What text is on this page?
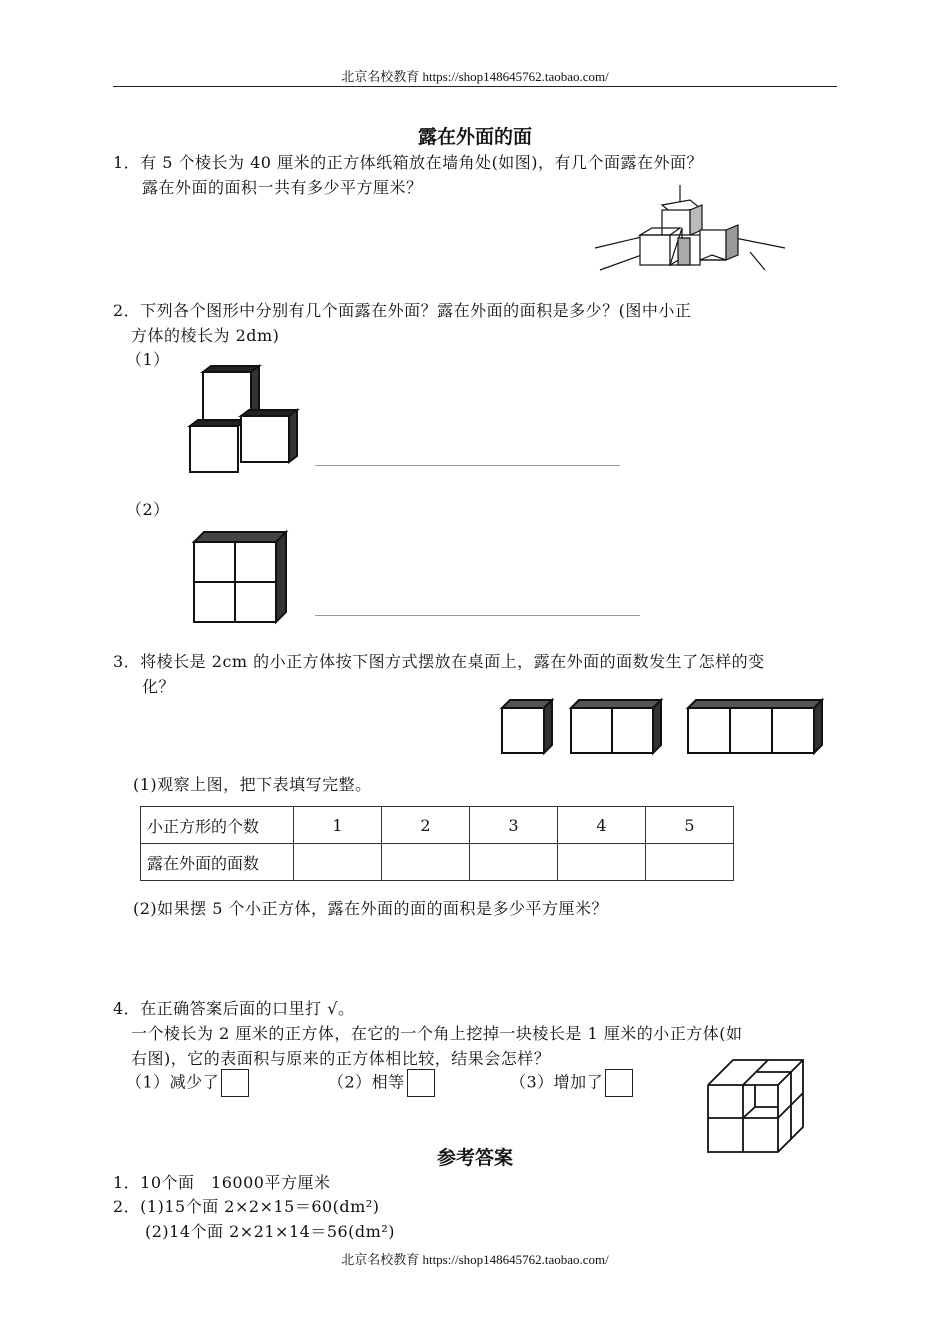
北京名校教育 https://shop148645762.taobao.com/
露在外面的面
1．有 5 个棱长为 40 厘米的正方体纸箱放在墙角处(如图)，有几个面露在外面？
露在外面的面积一共有多少平方厘米？
2．下列各个图形中分别有几个面露在外面？露在外面的面积是多少？(图中小正
方体的棱长为 2dm)
（1）
（2）
3．将棱长是 2cm 的小正方体按下图方式摆放在桌面上，露在外面的面数发生了怎样的变
化？
(1)观察上图，把下表填写完整。
小正方形的个数	1	2	3	4	5
露在外面的面数					
(2)如果摆 5 个小正方体，露在外面的面的面积是多少平方厘米？
4．在正确答案后面的口里打 √。
一个棱长为 2 厘米的正方体，在它的一个角上挖掉一块棱长是 1 厘米的小正方体(如
右图)，它的表面积与原来的正方体相比较，结果会怎样？
（1）减少了	（2）相等	（3）增加了
参考答案
1．10个面　16000平方厘米
2．(1)15个面 2×2×15＝60(dm²)
(2)14个面 2×21×14＝56(dm²)
北京名校教育 https://shop148645762.taobao.com/
